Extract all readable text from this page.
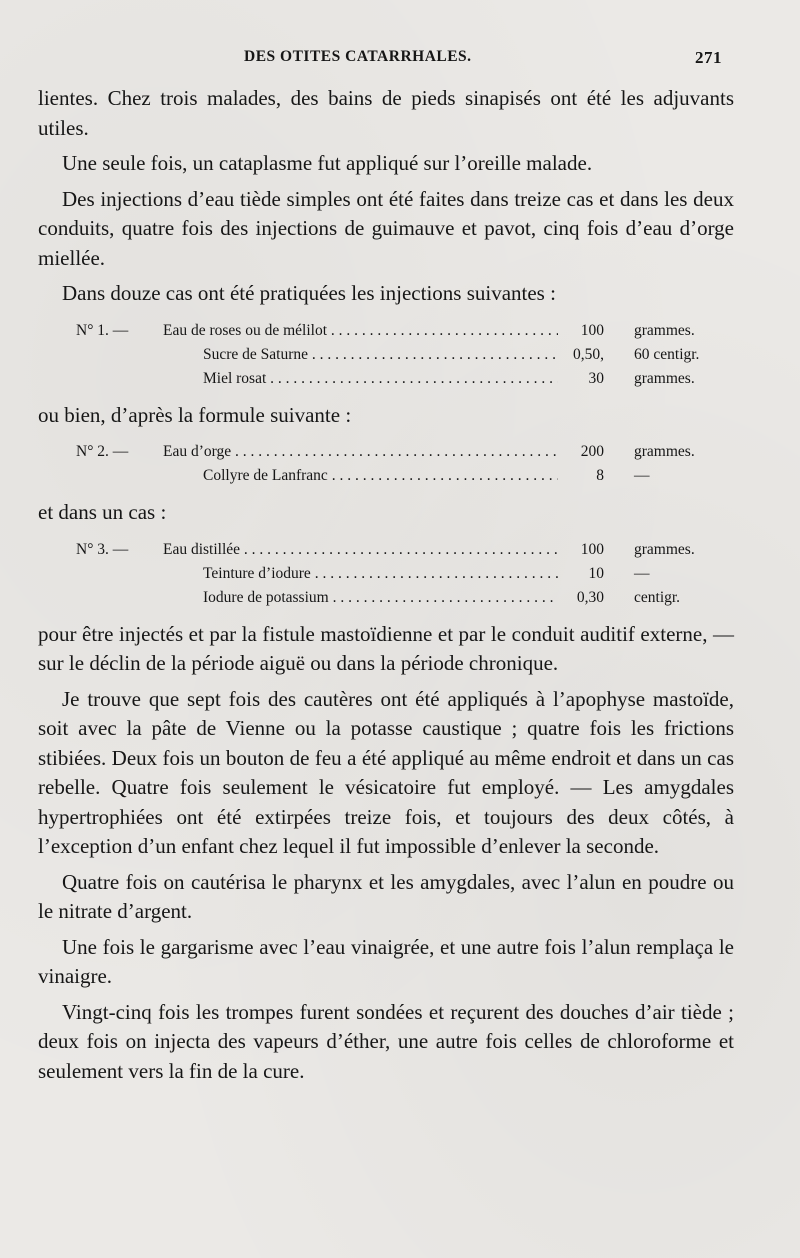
DES OTITES CATARRHALES.	271

lientes. Chez trois malades, des bains de pieds sinapisés ont été les adjuvants utiles.

Une seule fois, un cataplasme fut appliqué sur l’oreille malade.

Des injections d’eau tiède simples ont été faites dans treize cas et dans les deux conduits, quatre fois des injections de guimauve et pavot, cinq fois d’eau d’orge miellée.

Dans douze cas ont été pratiquées les injections suivantes :

N° 1. — Eau de roses ou de mélilot . . .	100 grammes.
Sucre de Saturne . . .	0,50, 60 centigr.
Miel rosat . . .	30 grammes.

ou bien, d’après la formule suivante :

N° 2. — Eau d’orge . . .	200 grammes.
Collyre de Lanfranc . . .	8 —

et dans un cas :

N° 3. — Eau distillée . . .	100 grammes.
Teinture d’iodure . . .	10 —
Iodure de potassium . . .	0,30 centigr.

pour être injectés et par la fistule mastoïdienne et par le conduit auditif externe, — sur le déclin de la période aiguë ou dans la période chronique.

Je trouve que sept fois des cautères ont été appliqués à l’apophyse mastoïde, soit avec la pâte de Vienne ou la potasse caustique ; quatre fois les frictions stibiées. Deux fois un bouton de feu a été appliqué au même endroit et dans un cas rebelle. Quatre fois seulement le vésicatoire fut employé. — Les amygdales hypertrophiées ont été extirpées treize fois, et toujours des deux côtés, à l’exception d’un enfant chez lequel il fut impossible d’enlever la seconde.

Quatre fois on cautérisa le pharynx et les amygdales, avec l’alun en poudre ou le nitrate d’argent.

Une fois le gargarisme avec l’eau vinaigrée, et une autre fois l’alun remplaça le vinaigre.

Vingt-cinq fois les trompes furent sondées et reçurent des douches d’air tiède ; deux fois on injecta des vapeurs d’éther, une autre fois celles de chloroforme et seulement vers la fin de la cure.
